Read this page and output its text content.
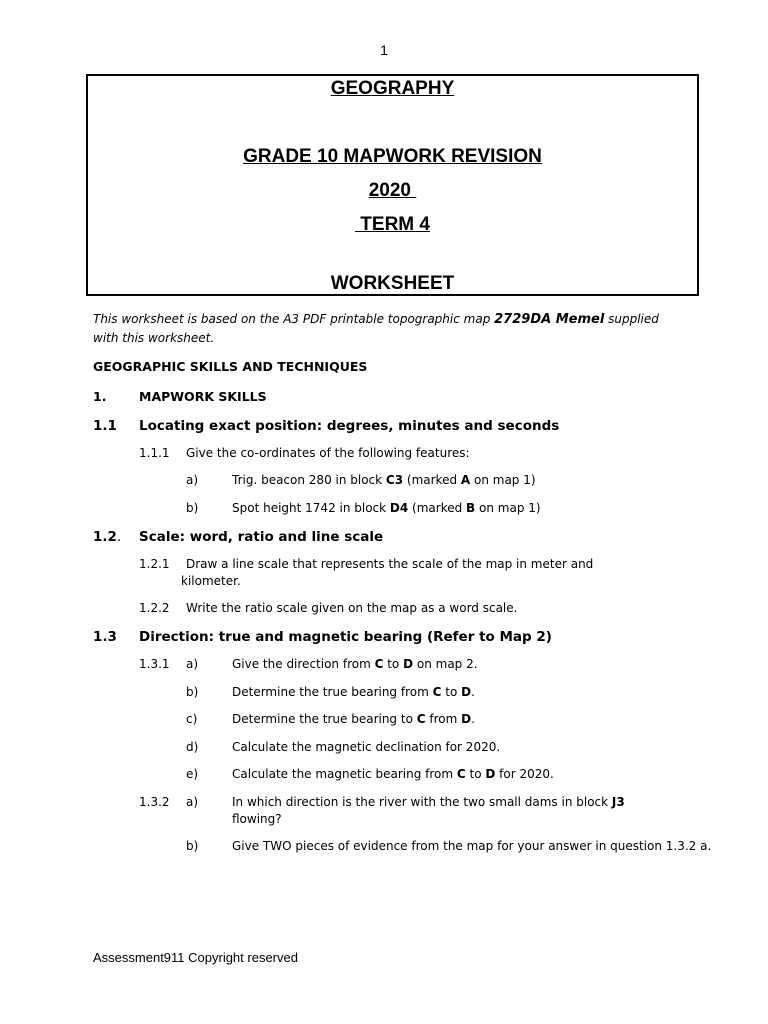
1
GEOGRAPHY
GRADE 10 MAPWORK REVISION
2020
TERM 4
WORKSHEET
This worksheet is based on the A3 PDF printable topographic map 2729DA Memel supplied
with this worksheet.
GEOGRAPHIC SKILLS AND TECHNIQUES
1.	MAPWORK SKILLS
1.1 Locating exact position: degrees, minutes and seconds
1.1.1 Give the co-ordinates of the following features:
a)	Trig. beacon 280 in block C3 (marked A on map 1)
b)	Spot height 1742 in block D4 (marked B on map 1)
1.2. Scale: word, ratio and line scale
1.2.1 Draw a line scale that represents the scale of the map in meter and
kilometer.
1.2.2 Write the ratio scale given on the map as a word scale.
1.3 Direction: true and magnetic bearing (Refer to Map 2)
1.3.1 a)	Give the direction from C to D on map 2.
b)	Determine the true bearing from C to D.
c)	Determine the true bearing to C from D.
d)	Calculate the magnetic declination for 2020.
e)	Calculate the magnetic bearing from C to D for 2020.
1.3.2 a)	In which direction is the river with the two small dams in block J3
flowing?
b)	Give TWO pieces of evidence from the map for your answer in question 1.3.2 a.
Assessment911 Copyright reserved
